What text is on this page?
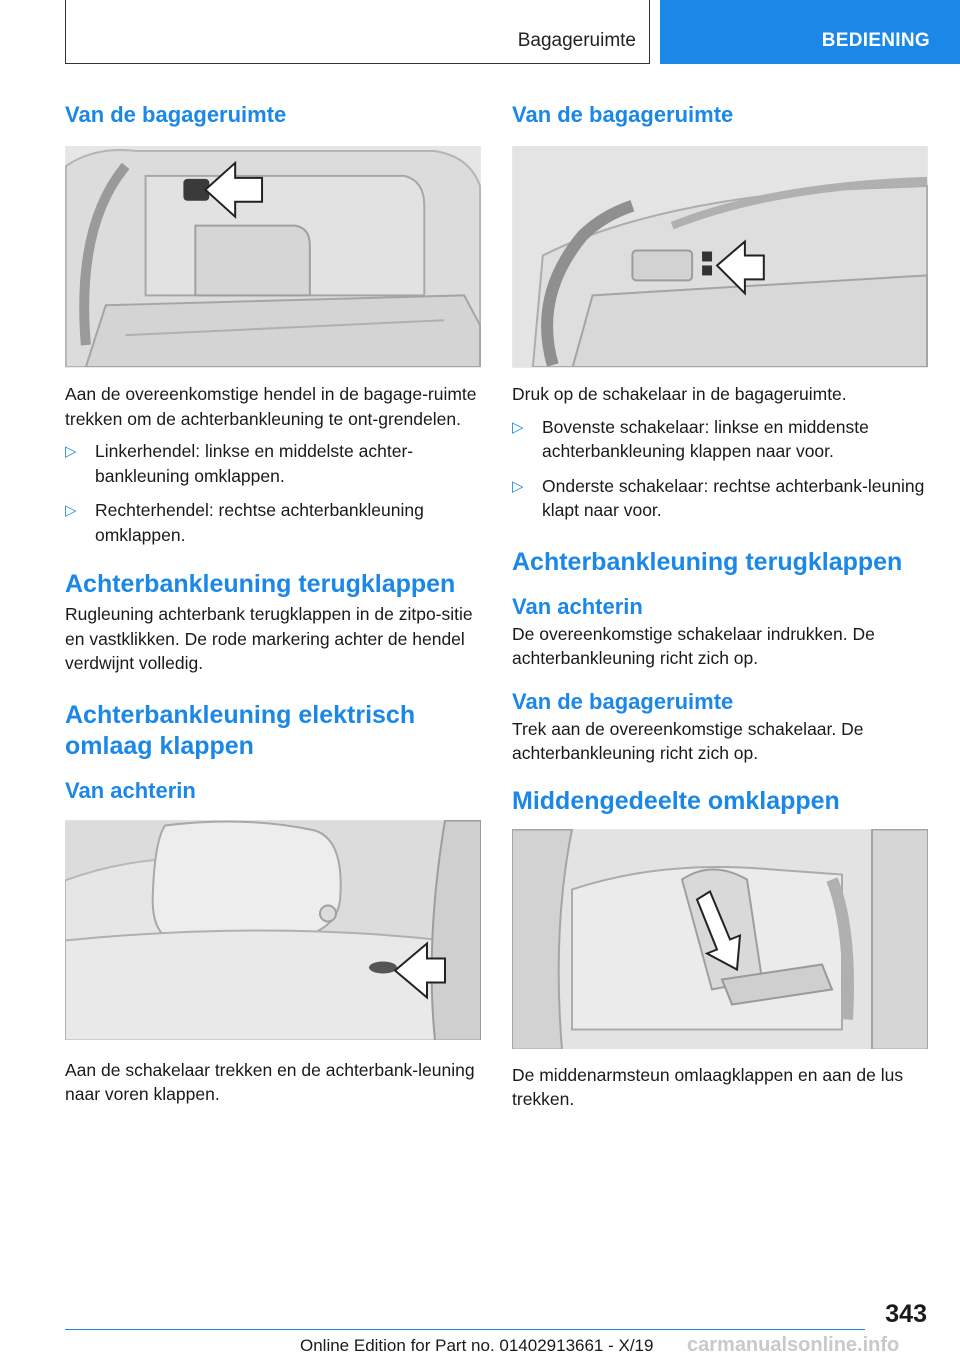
Bagageruimte	BEDIENING
Van de bagageruimte

Aan de overeenkomstige hendel in de bagage-ruimte trekken om de achterbankleuning te ont-grendelen.

▷ Linkerhendel: linkse en middelste achter-bankleuning omklappen.
▷ Rechterhendel: rechtse achterbankleuning omklappen.
Achterbankleuning terugklappen

Rugleuning achterbank terugklappen in de zitpo-sitie en vastklikken. De rode markering achter de hendel verdwijnt volledig.

Achterbankleuning elektrisch omlaag klappen
Van achterin

Aan de schakelaar trekken en de achterbank-leuning naar voren klappen.

Van de bagageruimte

Druk op de schakelaar in de bagageruimte.

▷ Bovenste schakelaar: linkse en middenste achterbankleuning klappen naar voor.
▷ Onderste schakelaar: rechtse achterbank-leuning klapt naar voor.
Achterbankleuning terugklappen
Van achterin

De overeenkomstige schakelaar indrukken. De achterbankleuning richt zich op.

Van de bagageruimte

Trek aan de overeenkomstige schakelaar. De achterbankleuning richt zich op.

Middengedeelte omklappen

De middenarmsteun omlaagklappen en aan de lus trekken.

343
Online Edition for Part no. 01402913661 - X/19 carmanualsonline.info
